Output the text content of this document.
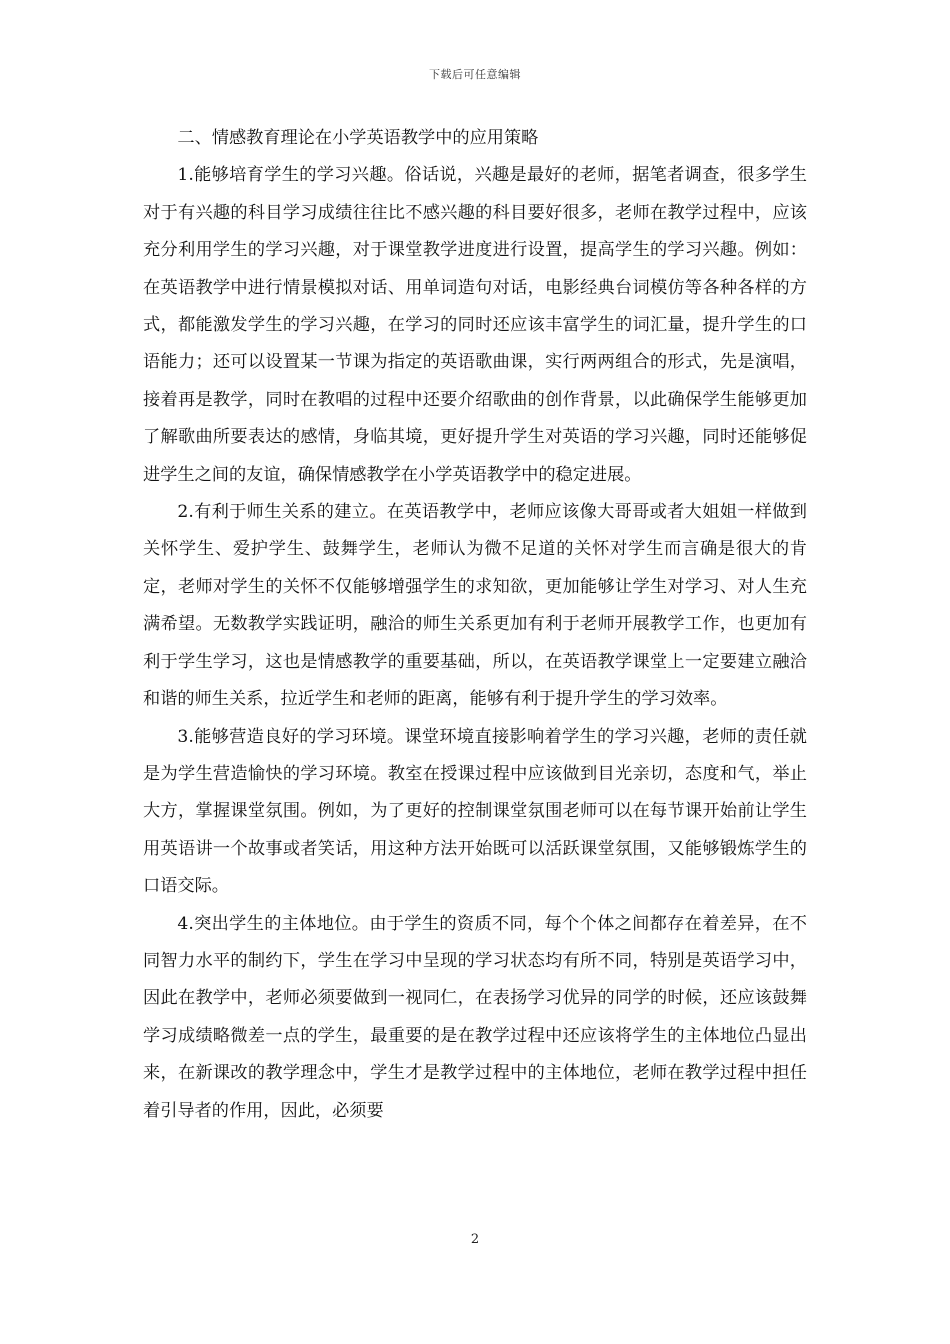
下载后可任意编辑

二、情感教育理论在小学英语教学中的应用策略

1.能够培育学生的学习兴趣。俗话说，兴趣是最好的老师，据笔者调查，很多学生对于有兴趣的科目学习成绩往往比不感兴趣的科目要好很多，老师在教学过程中，应该充分利用学生的学习兴趣，对于课堂教学进度进行设置，提高学生的学习兴趣。例如：在英语教学中进行情景模拟对话、用单词造句对话，电影经典台词模仿等各种各样的方式，都能激发学生的学习兴趣，在学习的同时还应该丰富学生的词汇量，提升学生的口语能力；还可以设置某一节课为指定的英语歌曲课，实行两两组合的形式，先是演唱，接着再是教学，同时在教唱的过程中还要介绍歌曲的创作背景，以此确保学生能够更加了解歌曲所要表达的感情，身临其境，更好提升学生对英语的学习兴趣，同时还能够促进学生之间的友谊，确保情感教学在小学英语教学中的稳定进展。

2.有利于师生关系的建立。在英语教学中，老师应该像大哥哥或者大姐姐一样做到关怀学生、爱护学生、鼓舞学生，老师认为微不足道的关怀对学生而言确是很大的肯定，老师对学生的关怀不仅能够增强学生的求知欲，更加能够让学生对学习、对人生充满希望。无数教学实践证明，融洽的师生关系更加有利于老师开展教学工作，也更加有利于学生学习，这也是情感教学的重要基础，所以，在英语教学课堂上一定要建立融洽和谐的师生关系，拉近学生和老师的距离，能够有利于提升学生的学习效率。

3.能够营造良好的学习环境。课堂环境直接影响着学生的学习兴趣，老师的责任就是为学生营造愉快的学习环境。教室在授课过程中应该做到目光亲切，态度和气，举止大方，掌握课堂氛围。例如，为了更好的控制课堂氛围老师可以在每节课开始前让学生用英语讲一个故事或者笑话，用这种方法开始既可以活跃课堂氛围，又能够锻炼学生的口语交际。

4.突出学生的主体地位。由于学生的资质不同，每个个体之间都存在着差异，在不同智力水平的制约下，学生在学习中呈现的学习状态均有所不同，特别是英语学习中，因此在教学中，老师必须要做到一视同仁，在表扬学习优异的同学的时候，还应该鼓舞学习成绩略微差一点的学生，最重要的是在教学过程中还应该将学生的主体地位凸显出来，在新课改的教学理念中，学生才是教学过程中的主体地位，老师在教学过程中担任着引导者的作用，因此，必须要

2
